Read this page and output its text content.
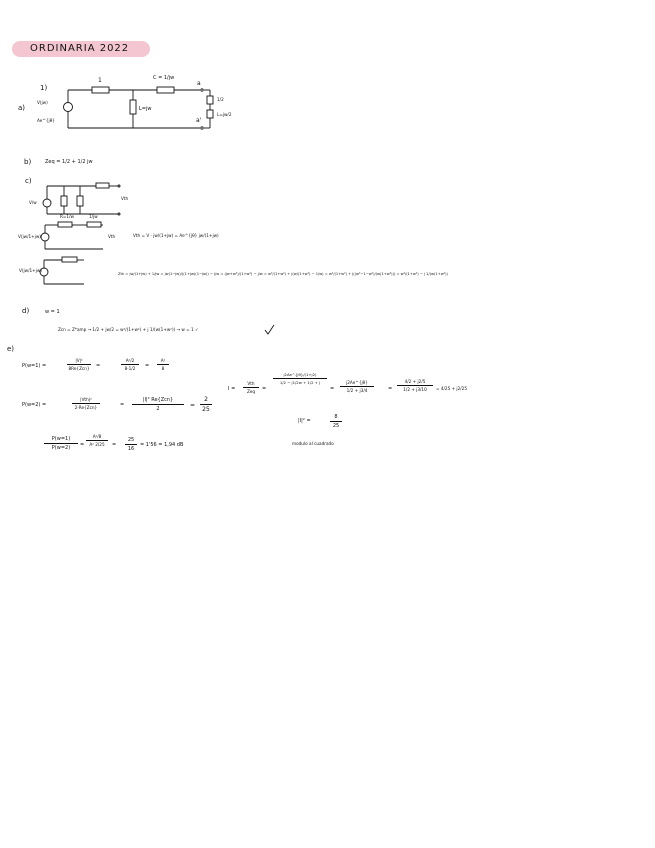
ORDINARIA 2022
1)
a)
V(jw)
Ae^{jθ}
1	C = 1/jw
L=jw
a
a'
1/2
L=jw/2
b)	Zeq = 1/2 + 1/2 jw
c)
Vth
V/w
R=1/w	1/jw
V(jw/1+jw)	Vth	Vth = V · jw/(1+jw) = Ae^{jθ} jw/(1+jw)
V(jw/1+jw)
Zth = jw/(1+jw) + 1/jw = jw(1−jw)/((1+jw)(1−jw)) − j/w = (jw+w²)/(1+w²) − j/w = w²/(1+w²) + j(w/(1+w²) − 1/w) = w²/(1+w²) + j((w²−1−w²)/(w(1+w²))) = w²/(1+w²) − j 1/(w(1+w²))
d)	w = 1
Zcn = Z*amp → 1/2 + jw/2 = w²/(1+w²) + j 1/(w(1+w²)) → w = 1 ✓
e)
P(w=1) =
|V|²
8Re{Zcn} =
A²/2
8·1/2	=
A²
8
P(w=2) =
|Vth|²
2·Re{Zcn}	=
|I|² Re{Zcn}
2	=
2
25
P(w=1)
P(w=2)	=
A²/8
A² 2/25	=
25
16
= 1'56 = 1,94 dB
I =
Vth
Zeq	=
j2Ae^{jθ}/(1+j2)
1/2 − j1/2w + 1/2 + j
=
j2Ae^{jθ}
1/2 + j3/4	=
4/2 + j2/5
1/2 + j3/10	= 4/25 + j2/25
|I|² =
8
25
modulo al cuadrado
